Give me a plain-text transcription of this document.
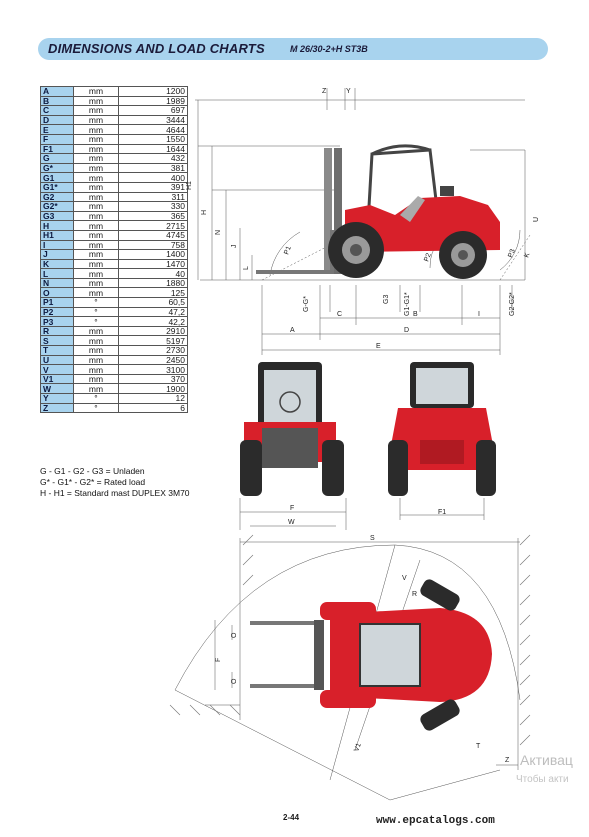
DIMENSIONS AND LOAD CHARTS	M 26/30-2+H ST3B
A	mm	1200
B	mm	1989
C	mm	697
D	mm	3444
E	mm	4644
F	mm	1550
F1	mm	1644
G	mm	432
G*	mm	381
G1	mm	400
G1*	mm	391
G2	mm	311
G2*	mm	330
G3	mm	365
H	mm	2715
H1	mm	4745
I	mm	758
J	mm	1400
K	mm	1470
L	mm	40
N	mm	1880
O	mm	125
P1	°	60,5
P2	°	47,2
P3	°	42,2
R	mm	2910
S	mm	5197
T	mm	2730
U	mm	2450
V	mm	3100
V1	mm	370
W	mm	1900
Y	°	12
Z	°	6
G - G1 - G2 - G3 = Unladen
G* - G1* - G2* = Rated load
H - H1 = Standard mast DUPLEX 3M70
H1
H
N
J	P1
P2	P3
L
U
K
Z	Y
G-G*	G3 G1-G1*	G2-G2*
C	B	I
A	D
E
F
W
F1
S
V
R
T
V1
O
F
O
Z
2-44	www.epcatalogs.com
Активац
Чтобы акти
